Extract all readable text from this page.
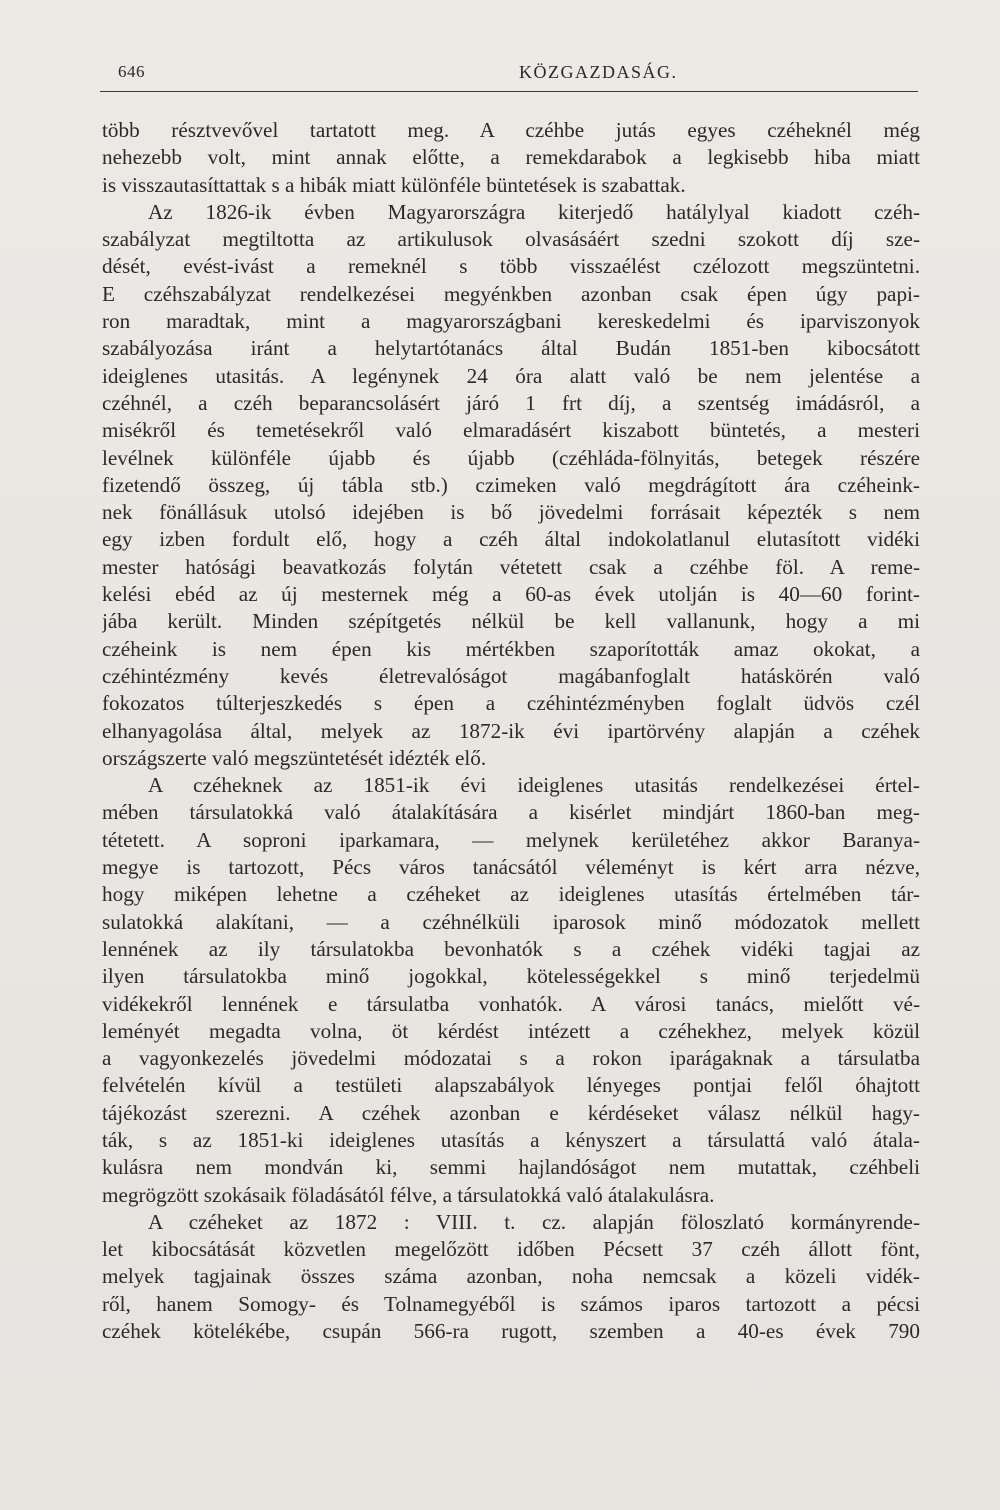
646	KÖZGAZDASÁG.
több résztvevővel tartatott meg. A czéhbe jutás egyes czéheknél még
nehezebb volt, mint annak előtte, a remekdarabok a legkisebb hiba miatt
is visszautasíttattak s a hibák miatt különféle büntetések is szabattak.
Az 1826-ik évben Magyarországra kiterjedő hatálylyal kiadott czéh-
szabályzat megtiltotta az artikulusok olvasásáért szedni szokott díj sze-
dését, evést-ivást a remeknél s több visszaélést czélozott megszüntetni.
E czéhszabályzat rendelkezései megyénkben azonban csak épen úgy papi-
ron maradtak, mint a magyarországbani kereskedelmi és iparviszonyok
szabályozása iránt a helytartótanács által Budán 1851-ben kibocsátott
ideiglenes utasitás. A legénynek 24 óra alatt való be nem jelentése a
czéhnél, a czéh beparancsolásért járó 1 frt díj, a szentség imádásról, a
misékről és temetésekről való elmaradásért kiszabott büntetés, a mesteri
levélnek különféle újabb és újabb (czéhláda-fölnyitás, betegek részére
fizetendő összeg, új tábla stb.) czimeken való megdrágított ára czéheink-
nek fönállásuk utolsó idejében is bő jövedelmi forrásait képezték s nem
egy izben fordult elő, hogy a czéh által indokolatlanul elutasított vidéki
mester hatósági beavatkozás folytán vétetett csak a czéhbe föl. A reme-
kelési ebéd az új mesternek még a 60-as évek utolján is 40—60 forint-
jába került. Minden szépítgetés nélkül be kell vallanunk, hogy a mi
czéheink is nem épen kis mértékben szaporították amaz okokat, a
czéhintézmény kevés életrevalóságot magábanfoglalt hatáskörén való
fokozatos túlterjeszkedés s épen a czéhintézményben foglalt üdvös czél
elhanyagolása által, melyek az 1872-ik évi ipartörvény alapján a czéhek
országszerte való megszüntetését idézték elő.
A czéheknek az 1851-ik évi ideiglenes utasitás rendelkezései értel-
mében társulatokká való átalakítására a kisérlet mindjárt 1860-ban meg-
tétetett. A soproni iparkamara, — melynek kerületéhez akkor Baranya-
megye is tartozott, Pécs város tanácsától véleményt is kért arra nézve,
hogy miképen lehetne a czéheket az ideiglenes utasítás értelmében tár-
sulatokká alakítani, — a czéhnélküli iparosok minő módozatok mellett
lennének az ily társulatokba bevonhatók s a czéhek vidéki tagjai az
ilyen társulatokba minő jogokkal, kötelességekkel s minő terjedelmü
vidékekről lennének e társulatba vonhatók. A városi tanács, mielőtt vé-
leményét megadta volna, öt kérdést intézett a czéhekhez, melyek közül
a vagyonkezelés jövedelmi módozatai s a rokon iparágaknak a társulatba
felvételén kívül a testületi alapszabályok lényeges pontjai felől óhajtott
tájékozást szerezni. A czéhek azonban e kérdéseket válasz nélkül hagy-
ták, s az 1851-ki ideiglenes utasítás a kényszert a társulattá való átala-
kulásra nem mondván ki, semmi hajlandóságot nem mutattak, czéhbeli
megrögzött szokásaik föladásától félve, a társulatokká való átalakulásra.
A czéheket az 1872 : VIII. t. cz. alapján föloszlató kormányrende-
let kibocsátását közvetlen megelőzött időben Pécsett 37 czéh állott fönt,
melyek tagjainak összes száma azonban, noha nemcsak a közeli vidék-
ről, hanem Somogy- és Tolnamegyéből is számos iparos tartozott a pécsi
czéhek kötelékébe, csupán 566-ra rugott, szemben a 40-es évek 790
